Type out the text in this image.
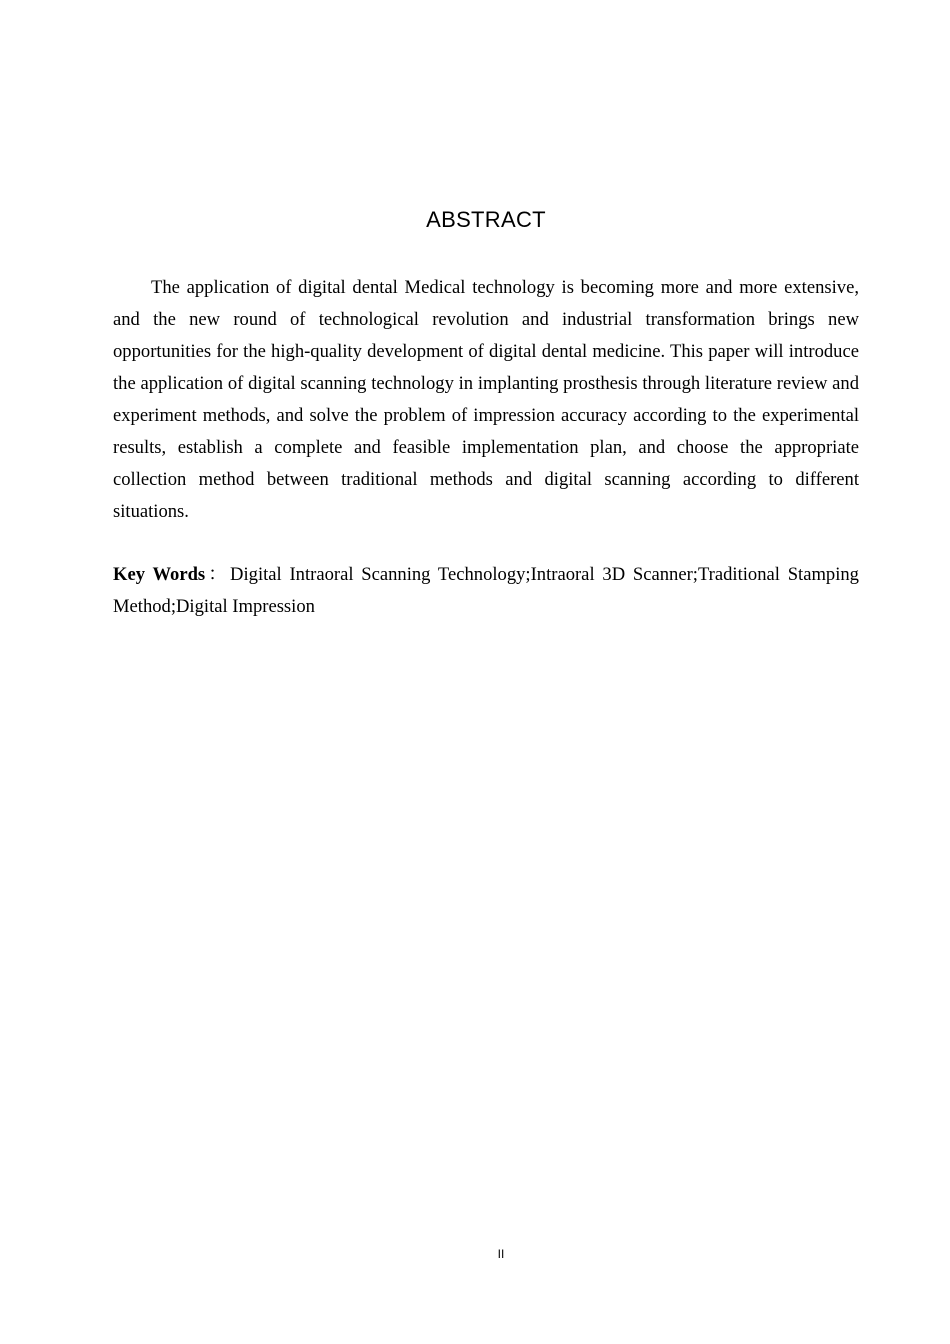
ABSTRACT

The application of digital dental Medical technology is becoming more and more extensive, and the new round of technological revolution and industrial transformation brings new opportunities for the high-quality development of digital dental medicine. This paper will introduce the application of digital scanning technology in implanting prosthesis through literature review and experiment methods, and solve the problem of impression accuracy according to the experimental results, establish a complete and feasible implementation plan, and choose the appropriate collection method between traditional methods and digital scanning according to different situations.

Key Words：Digital Intraoral Scanning Technology;Intraoral 3D Scanner;Traditional Stamping Method;Digital Impression

II
